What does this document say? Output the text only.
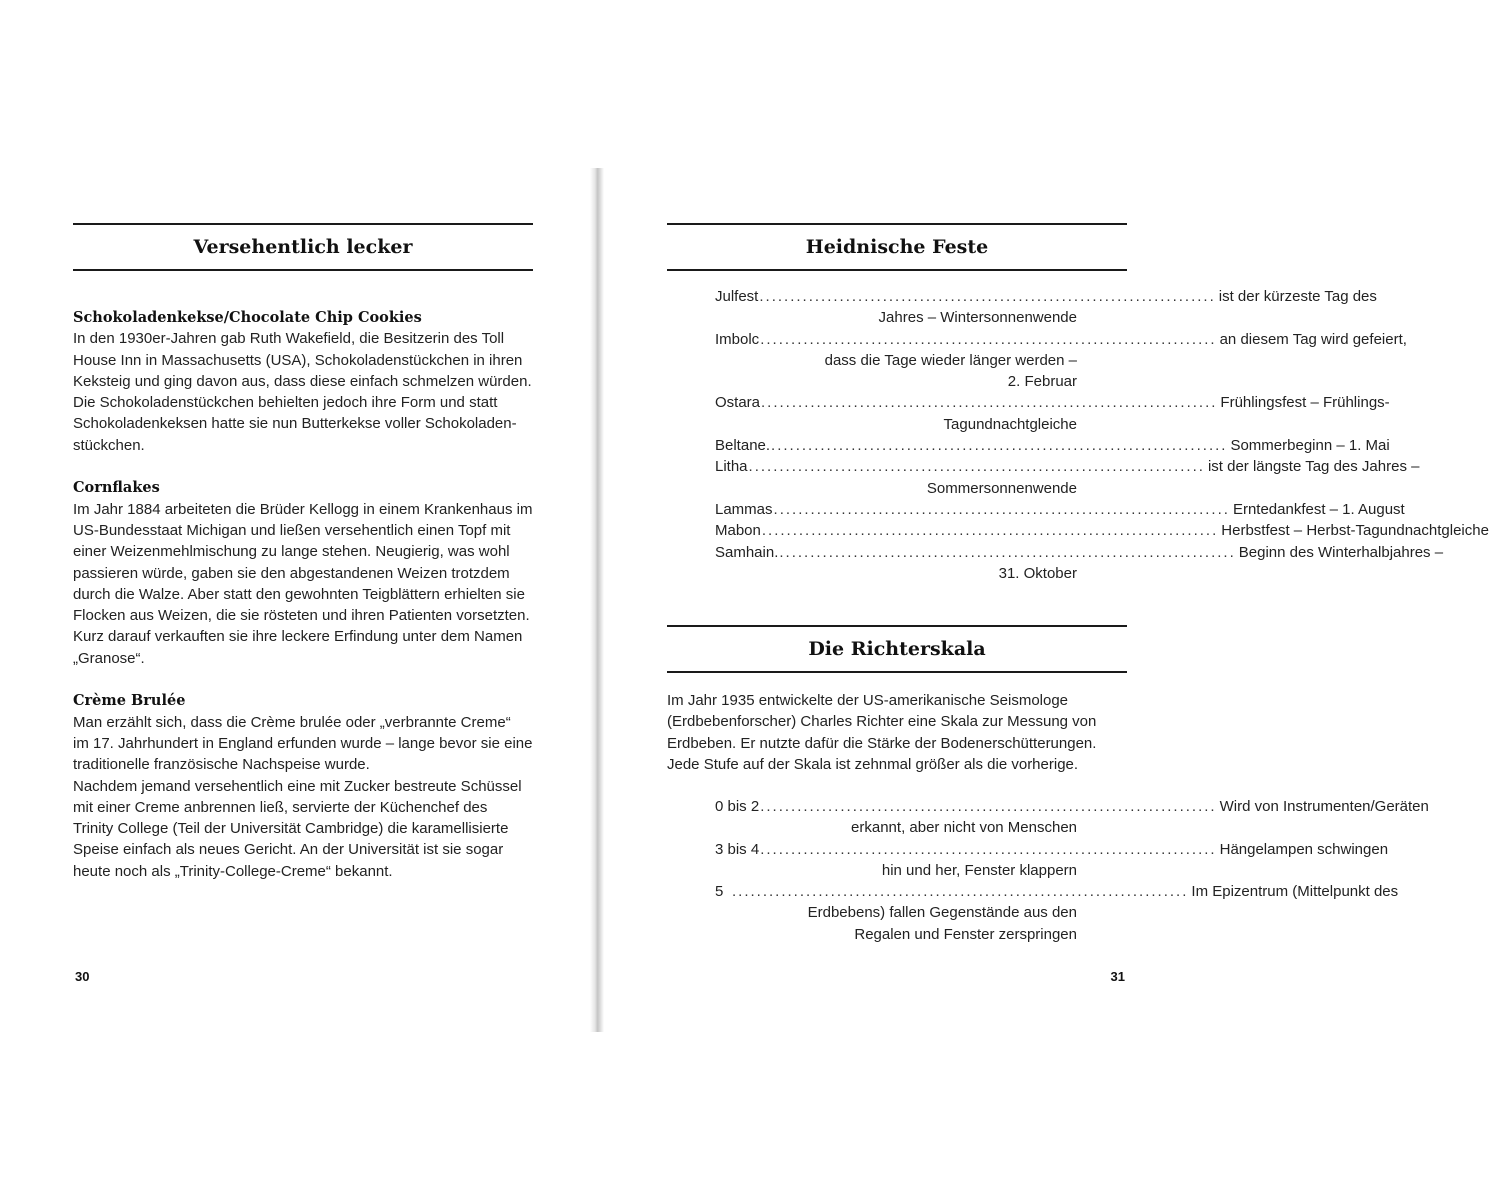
Versehentlich lecker
Schokoladenkekse/Chocolate Chip Cookies
In den 1930er-Jahren gab Ruth Wakefield, die Besitzerin des Toll
House Inn in Massachusetts (USA), Schokoladenstückchen in ihren
Keksteig und ging davon aus, dass diese einfach schmelzen würden.
Die Schokoladenstückchen behielten jedoch ihre Form und statt
Schokoladenkeksen hatte sie nun Butterkekse voller Schokoladen-
stückchen.
Cornflakes
Im Jahr 1884 arbeiteten die Brüder Kellogg in einem Krankenhaus im
US-Bundesstaat Michigan und ließen versehentlich einen Topf mit
einer Weizenmehlmischung zu lange stehen. Neugierig, was wohl
passieren würde, gaben sie den abgestandenen Weizen trotzdem
durch die Walze. Aber statt den gewohnten Teigblättern erhielten sie
Flocken aus Weizen, die sie rösteten und ihren Patienten vorsetzten.
Kurz darauf verkauften sie ihre leckere Erfindung unter dem Namen
„Granose“.
Crème Brulée
Man erzählt sich, dass die Crème brulée oder „verbrannte Creme“
im 17. Jahrhundert in England erfunden wurde – lange bevor sie eine
traditionelle französische Nachspeise wurde.
Nachdem jemand versehentlich eine mit Zucker bestreute Schüssel
mit einer Creme anbrennen ließ, servierte der Küchenchef des
Trinity College (Teil der Universität Cambridge) die karamellisierte
Speise einfach als neues Gericht. An der Universität ist sie sogar
heute noch als „Trinity-College-Creme“ bekannt.
30
Heidnische Feste
Julfest .......................................................................... ist der kürzeste Tag des
Jahres – Wintersonnenwende
Imbolc .......................................................................... an diesem Tag wird gefeiert,
dass die Tage wieder länger werden –
2. Februar
Ostara .......................................................................... Frühlingsfest – Frühlings-
Tagundnachtgleiche
Beltane. .......................................................................... Sommerbeginn – 1. Mai
Litha .......................................................................... ist der längste Tag des Jahres –
Sommersonnenwende
Lammas .......................................................................... Erntedankfest – 1. August
Mabon .......................................................................... Herbstfest – Herbst-Tagundnachtgleiche
Samhain. .......................................................................... Beginn des Winterhalbjahres –
31. Oktober
Die Richterskala
Im Jahr 1935 entwickelte der US-amerikanische Seismologe
(Erdbebenforscher) Charles Richter eine Skala zur Messung von
Erdbeben. Er nutzte dafür die Stärke der Bodenerschütterungen.
Jede Stufe auf der Skala ist zehnmal größer als die vorherige.
0 bis 2 .......................................................................... Wird von Instrumenten/Geräten
erkannt, aber nicht von Menschen
3 bis 4 .......................................................................... Hängelampen schwingen
hin und her, Fenster klappern
5 .......................................................................... Im Epizentrum (Mittelpunkt des
Erdbebens) fallen Gegenstände aus den
Regalen und Fenster zerspringen
31
